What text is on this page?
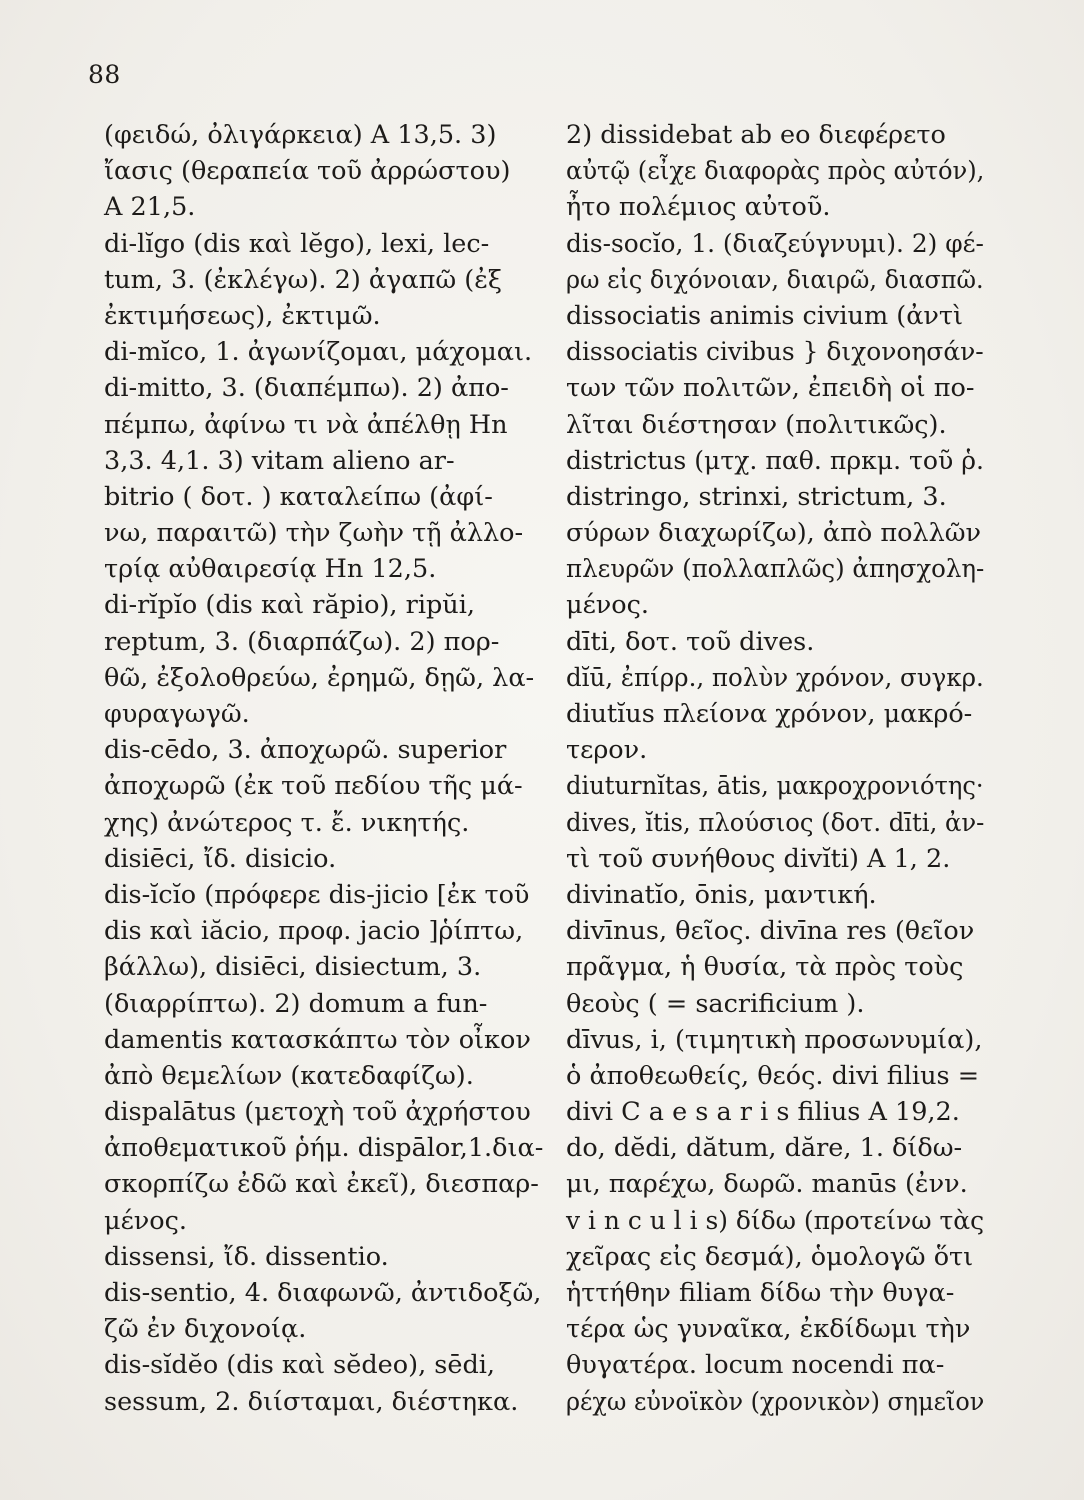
88
(φειδώ, ὀλιγάρκεια) Α 13,5. 3)
ἴασις (θεραπεία τοῦ ἀρρώστου)
Α 21,5.
di-lĭgo (dis καὶ lĕgo), lexi, lec-
tum, 3. (ἐκλέγω). 2) ἀγαπῶ (ἐξ
ἐκτιμήσεως), ἐκτιμῶ.
di-mĭco, 1. ἀγωνίζομαι, μάχομαι.
di-mitto, 3. (διαπέμπω). 2) ἀπο-
πέμπω, ἀφίνω τι νὰ ἀπέλθῃ Hn
3,3. 4,1. 3) vitam alieno ar-
bitrio ( δοτ. ) καταλείπω (ἀφί-
νω, παραιτῶ) τὴν ζωὴν τῇ ἀλλο-
τρίᾳ αὐθαιρεσίᾳ Hn 12,5.
di-rĭpĭo (dis καὶ răpio), ripŭi,
reptum, 3. (διαρπάζω). 2) πορ-
θῶ, ἐξολοθρεύω, ἐρημῶ, δῃῶ, λα-
φυραγωγῶ.
dis-cēdo, 3. ἀποχωρῶ. superior
ἀποχωρῶ (ἐκ τοῦ πεδίου τῆς μά-
χης) ἀνώτερος τ. ἔ. νικητής.
disiēci, ἴδ. disicio.
dis-ĭcĭo (πρόφερε dis-jicio [ἐκ τοῦ
dis καὶ iăcio, προφ. jacio ]ῥίπτω,
βάλλω), disiēci, disiectum, 3.
(διαρρίπτω). 2) domum a fun-
damentis κατασκάπτω τὸν οἶκον
ἀπὸ θεμελίων (κατεδαφίζω).
dispalātus (μετοχὴ τοῦ ἀχρήστου
ἀποθεματικοῦ ῥήμ. dispālor,1.δια-
σκορπίζω ἐδῶ καὶ ἐκεῖ), διεσπαρ-
μένος.
dissensi, ἴδ. dissentio.
dis-sentio, 4. διαφωνῶ, ἀντιδοξῶ,
ζῶ ἐν διχονοίᾳ.
dis-sĭdĕo (dis καὶ sĕdeo), sēdi,
sessum, 2. διίσταμαι, διέστηκα.
2) dissidebat ab eo διεφέρετο
αὐτῷ (εἶχε διαφορὰς πρὸς αὐτόν),
ἦτο πολέμιος αὐτοῦ.
dis-socĭo, 1. (διαζεύγνυμι). 2) φέ-
ρω εἰς διχόνοιαν, διαιρῶ, διασπῶ.
dissociatis animis civium (ἀντὶ
dissociatis civibus } διχονοησάν-
των τῶν πολιτῶν, ἐπειδὴ οἱ πο-
λῖται διέστησαν (πολιτικῶς).
districtus (μτχ. παθ. πρκμ. τοῦ ῥ.
distringo, strinxi, strictum, 3.
σύρων διαχωρίζω), ἀπὸ πολλῶν
πλευρῶν (πολλαπλῶς) ἀπησχολη-
μένος.
dīti, δοτ. τοῦ dives.
dĭū, ἐπίρρ., πολὺν χρόνον, συγκρ.
diutĭus πλείονα χρόνον, μακρό-
τερον.
diuturnĭtas, ātis, μακροχρονιότης·
dives, ĭtis, πλούσιος (δοτ. dīti, ἀν-
τὶ τοῦ συνήθους divĭti) Α 1, 2.
divinatĭo, ōnis, μαντική.
divīnus, θεῖος. divīna res (θεῖον
πρᾶγμα, ἡ θυσία, τὰ πρὸς τοὺς
θεοὺς ( = sacrificium ).
dīvus, i, (τιμητικὴ προσωνυμία),
ὁ ἀποθεωθείς, θεός. divi filius =
divi C a e s a r i s filius Α 19,2.
do, dĕdi, dătum, dăre, 1. δίδω-
μι, παρέχω, δωρῶ. manūs (ἐνν.
v i n c u l i s) δίδω (προτείνω τὰς
χεῖρας εἰς δεσμά), ὁμολογῶ ὅτι
ἡττήθην filiam δίδω τὴν θυγα-
τέρα ὡς γυναῖκα, ἐκδίδωμι τὴν
θυγατέρα. locum nocendi πα-
ρέχω εὐνοϊκὸν (χρονικὸν) σημεῖον
